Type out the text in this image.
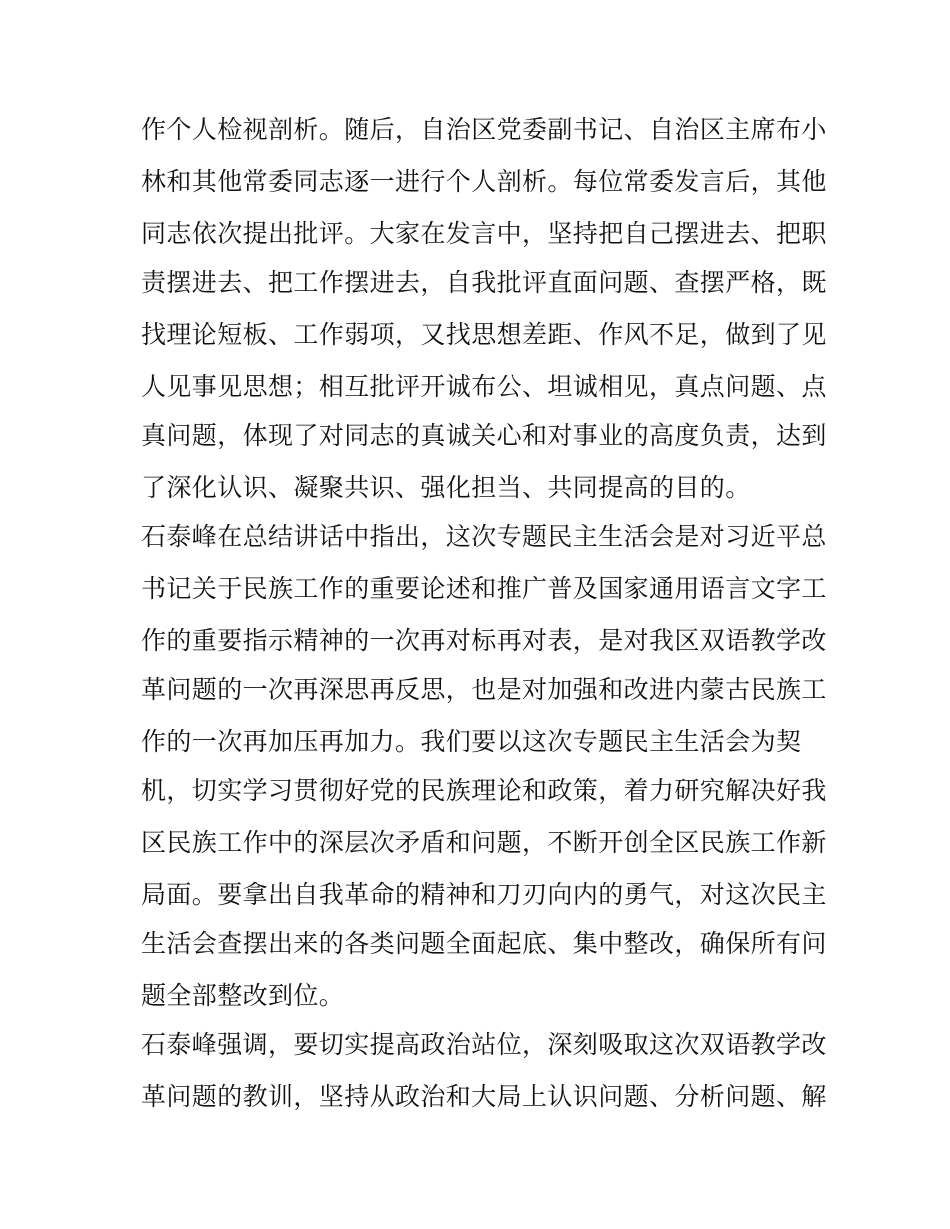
作个人检视剖析。随后，自治区党委副书记、自治区主席布小
林和其他常委同志逐一进行个人剖析。每位常委发言后，其他
同志依次提出批评。大家在发言中，坚持把自己摆进去、把职
责摆进去、把工作摆进去，自我批评直面问题、查摆严格，既
找理论短板、工作弱项，又找思想差距、作风不足，做到了见
人见事见思想；相互批评开诚布公、坦诚相见，真点问题、点
真问题，体现了对同志的真诚关心和对事业的高度负责，达到
了深化认识、凝聚共识、强化担当、共同提高的目的。
石泰峰在总结讲话中指出，这次专题民主生活会是对习近平总
书记关于民族工作的重要论述和推广普及国家通用语言文字工
作的重要指示精神的一次再对标再对表，是对我区双语教学改
革问题的一次再深思再反思，也是对加强和改进内蒙古民族工
作的一次再加压再加力。我们要以这次专题民主生活会为契
机，切实学习贯彻好党的民族理论和政策，着力研究解决好我
区民族工作中的深层次矛盾和问题，不断开创全区民族工作新
局面。要拿出自我革命的精神和刀刃向内的勇气，对这次民主
生活会查摆出来的各类问题全面起底、集中整改，确保所有问
题全部整改到位。
石泰峰强调，要切实提高政治站位，深刻吸取这次双语教学改
革问题的教训，坚持从政治和大局上认识问题、分析问题、解
